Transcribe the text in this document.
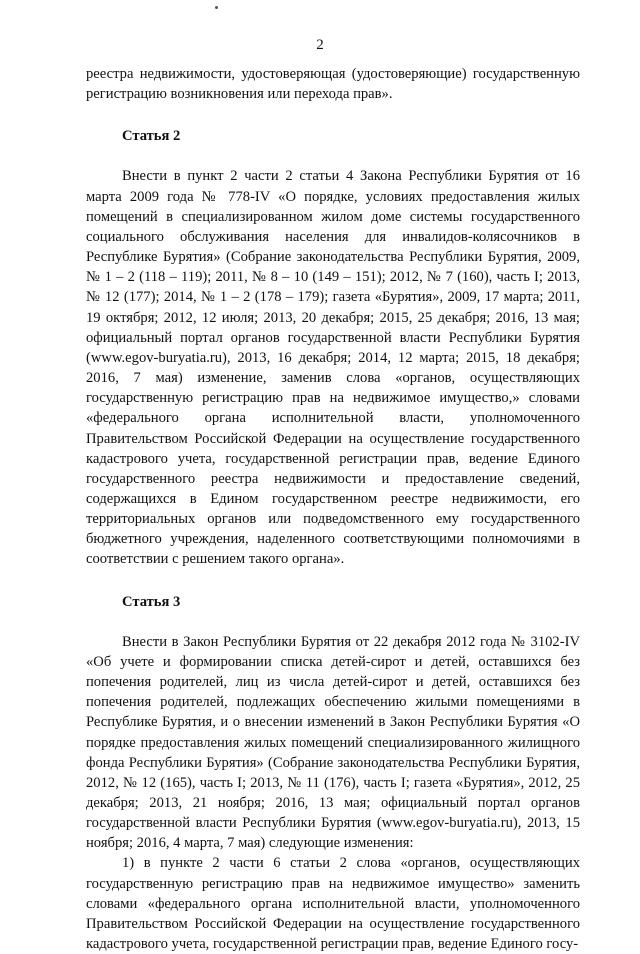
2

реестра недвижимости, удостоверяющая (удостоверяющие) государственную регистрацию возникновения или перехода прав».

Статья 2

Внести в пункт 2 части 2 статьи 4 Закона Республики Бурятия от 16 марта 2009 года № 778-IV «О порядке, условиях предоставления жилых помещений в специализированном жилом доме системы государственного социального обслуживания населения для инвалидов-колясочников в Республике Бурятия» (Собрание законодательства Республики Бурятия, 2009, № 1 – 2 (118 – 119); 2011, № 8 – 10 (149 – 151); 2012, № 7 (160), часть I; 2013, № 12 (177); 2014, № 1 – 2 (178 – 179); газета «Бурятия», 2009, 17 марта; 2011, 19 октября; 2012, 12 июля; 2013, 20 декабря; 2015, 25 декабря; 2016, 13 мая; официальный портал органов государственной власти Республики Бурятия (www.egov-buryatia.ru), 2013, 16 декабря; 2014, 12 марта; 2015, 18 декабря; 2016, 7 мая) изменение, заменив слова «органов, осуществляющих государственную регистрацию прав на недвижимое имущество,» словами «федерального органа исполнительной власти, уполномоченного Правительством Российской Федерации на осуществление государственного кадастрового учета, государственной регистрации прав, ведение Единого государственного реестра недвижимости и предоставление сведений, содержащихся в Едином государственном реестре недвижимости, его территориальных органов или подведомственного ему государственного бюджетного учреждения, наделенного соответствующими полномочиями в соответствии с решением такого органа».

Статья 3

Внести в Закон Республики Бурятия от 22 декабря 2012 года № 3102-IV «Об учете и формировании списка детей-сирот и детей, оставшихся без попечения родителей, лиц из числа детей-сирот и детей, оставшихся без попечения родителей, подлежащих обеспечению жилыми помещениями в Республике Бурятия, и о внесении изменений в Закон Республики Бурятия «О порядке предоставления жилых помещений специализированного жилищного фонда Республики Бурятия» (Собрание законодательства Республики Бурятия, 2012, № 12 (165), часть I; 2013, № 11 (176), часть I; газета «Бурятия», 2012, 25 декабря; 2013, 21 ноября; 2016, 13 мая; официальный портал органов государственной власти Республики Бурятия (www.egov-buryatia.ru), 2013, 15 ноября; 2016, 4 марта, 7 мая) следующие изменения:

1) в пункте 2 части 6 статьи 2 слова «органов, осуществляющих государственную регистрацию прав на недвижимое имущество» заменить словами «федерального органа исполнительной власти, уполномоченного Правительством Российской Федерации на осуществление государственного кадастрового учета, государственной регистрации прав, ведение Единого госу-
